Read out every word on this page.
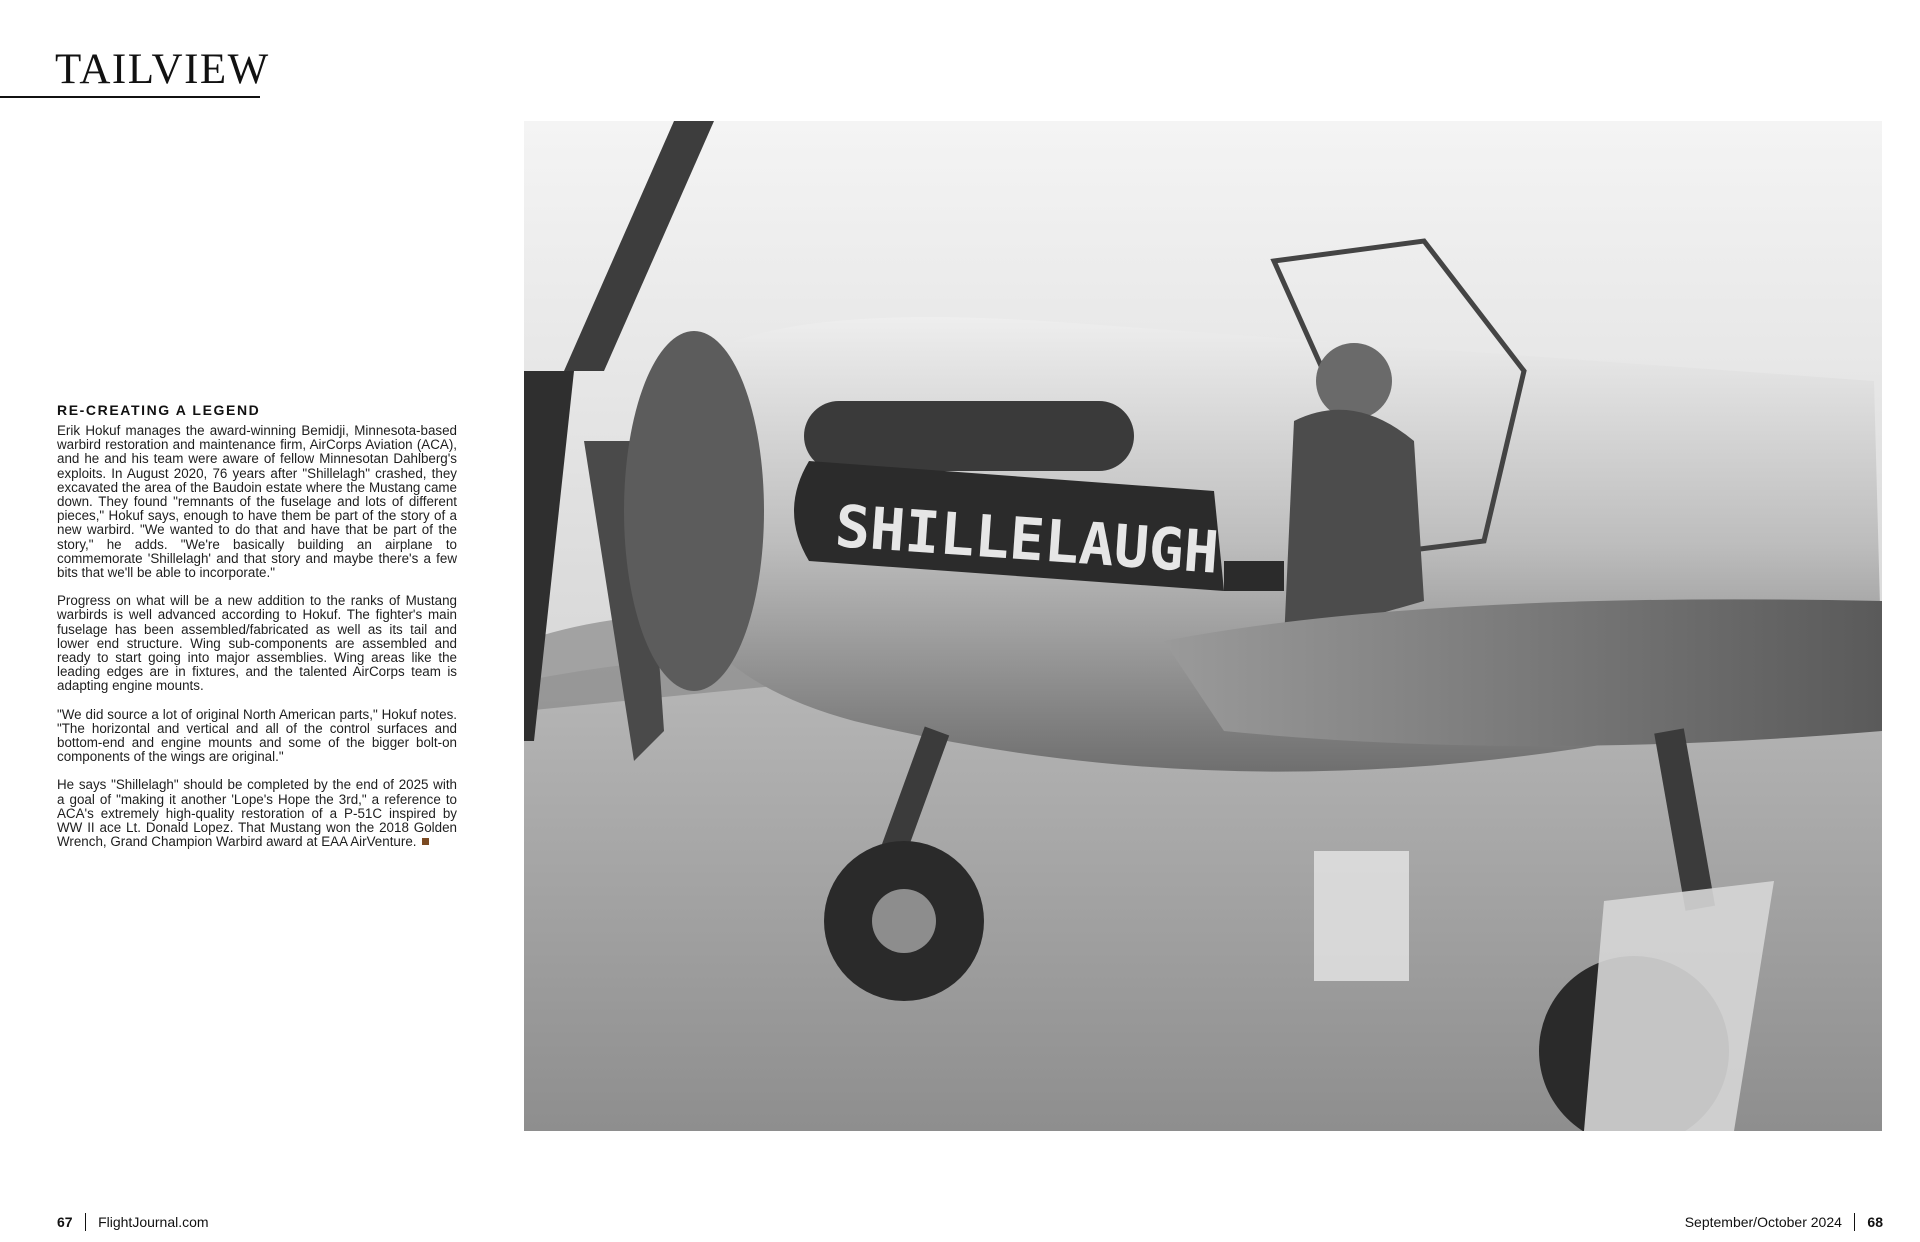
TAILVIEW
RE-CREATING A LEGEND

Erik Hokuf manages the award-winning Bemidji, Minnesota-based warbird restoration and maintenance firm, AirCorps Aviation (ACA), and he and his team were aware of fellow Minnesotan Dahlberg's exploits. In August 2020, 76 years after "Shillelagh" crashed, they excavated the area of the Baudoin estate where the Mustang came down. They found "remnants of the fuselage and lots of different pieces," Hokuf says, enough to have them be part of the story of a new warbird. "We wanted to do that and have that be part of the story," he adds. "We're basically building an airplane to commemorate 'Shillelagh' and that story and maybe there's a few bits that we'll be able to incorporate."

Progress on what will be a new addition to the ranks of Mustang warbirds is well advanced according to Hokuf. The fighter's main fuselage has been assembled/fabricated as well as its tail and lower end structure. Wing sub-components are assembled and ready to start going into major assemblies. Wing areas like the leading edges are in fixtures, and the talented AirCorps team is adapting engine mounts.

"We did source a lot of original North American parts," Hokuf notes. "The horizontal and vertical and all of the control surfaces and bottom-end and engine mounts and some of the bigger bolt-on components of the wings are original."

He says "Shillelagh" should be completed by the end of 2025 with a goal of "making it another 'Lope's Hope the 3rd," a reference to ACA's extremely high-quality restoration of a P-51C inspired by WW II ace Lt. Donald Lopez. That Mustang won the 2018 Golden Wrench, Grand Champion Warbird award at EAA AirVenture.

SHILLELAUGH
67 FlightJournal.com	September/October 2024 68
